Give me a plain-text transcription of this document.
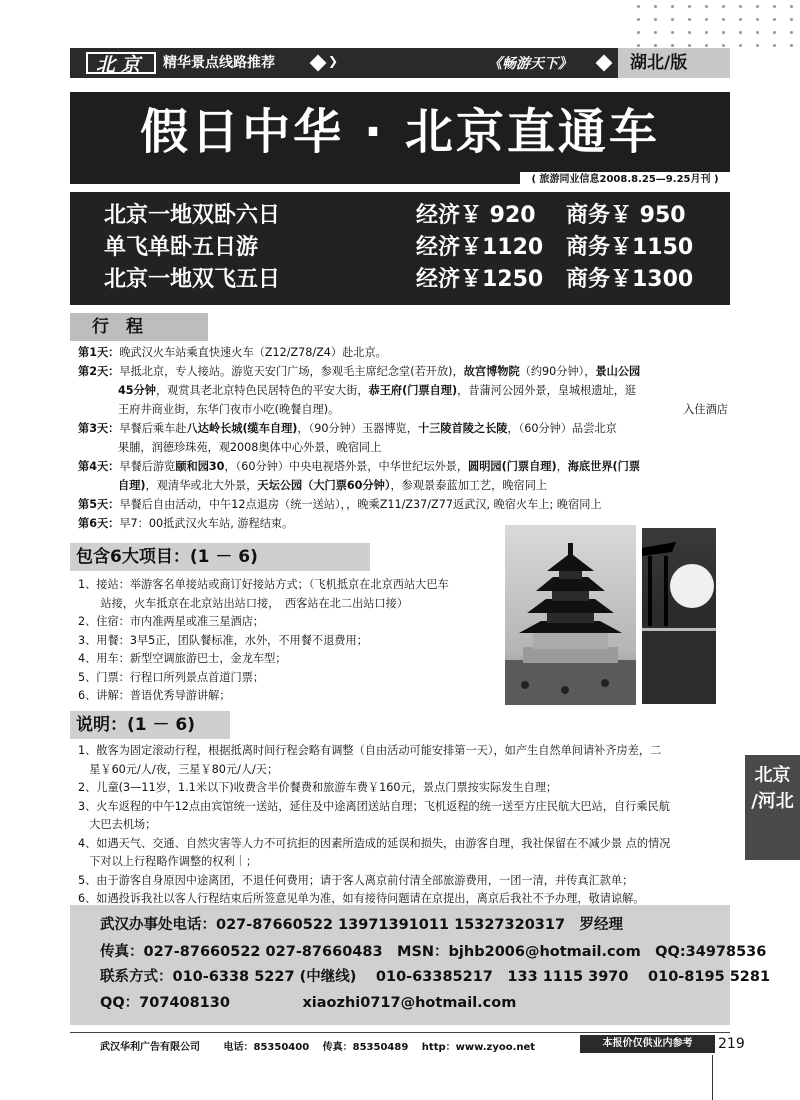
北京	精华景点线路推荐	❯	《畅游天下》	湖北/版
假日中华 · 北京直通车
( 旅游同业信息2008.8.25—9.25月刊 )
北京一地双卧六日	经济￥ 920 商务￥ 950
单飞单卧五日游	经济￥1120 商务￥1150
北京一地双飞五日	经济￥1250 商务￥1300
行　程
第1天：晚武汉火车站乘直快速火车（Z12/Z78/Z4）赴北京。
第2天：早抵北京，专人接站。游览天安门广场，参观毛主席纪念堂(若开放)，故宫博物院（约90分钟），景山公园
45分钟，观赏具老北京特色民居特色的平安大街，恭王府(门票自理)，昔蒲河公园外景，皇城根遗址，逛
王府井商业街，东华门夜市小吃(晚餐自理)。	入住酒店
第3天：早餐后乘车赴八达岭长城(缆车自理)，（90分钟）玉器博览，十三陵首陵之长陵，（60分钟）品尝北京
果脯，润德珍珠苑，观2008奥体中心外景，晚宿同上
第4天：早餐后游览颐和园30，（60分钟）中央电视塔外景，中华世纪坛外景，圆明园(门票自理)，海底世界(门票
自理)，观清华或北大外景，天坛公园（大门票60分钟），参观景泰蓝加工艺，晚宿同上
第5天：早餐后自由活动，中午12点退房（统一送站），，晚乘Z11/Z37/Z77返武汉, 晚宿火车上; 晚宿同上
第6天：早7：00抵武汉火车站, 游程结束。
包含6大项目：(1 － 6)
1、接站：举游客名单接站或商订好接站方式；（飞机抵京在北京西站大巴车
　　站接，火车抵京在北京站出站口接，　西客站在北二出站口接）
2、住宿：市内准两星或准三星酒店；
3、用餐：3早5正，团队餐标准，水外，不用餐不退费用；
4、用车：新型空调旅游巴士，金龙车型；
5、门票：行程口所列景点首道门票；
6、讲解：普语优秀导游讲解；
说明：(1 － 6)
1、散客为固定滚动行程，根据抵离时间行程会略有调整（自由活动可能安排第一天），如产生自然单间请补齐房差，二
　星￥60元/人/夜，三星￥80元/人/天；
2、儿童(3—11岁，1.1米以下)收费含半价餐费和旅游车费￥160元，景点门票按实际发生自理；
3、火车返程的中午12点由宾馆统一送站，延住及中途离团送站自理；飞机返程的统一送至方庄民航大巴站，自行乘民航
　大巴去机场；
4、如遇天气、交通、自然灾害等人力不可抗拒的因素所造成的延误和损失，由游客自理，我社保留在不减少景 点的情况
　下对以上行程略作调整的权利｜；
5、由于游客自身原因中途离团，不退任何费用；请于客人离京前付清全部旅游费用，一团一清，并传真汇款单；
6、如遇投诉我社以客人行程结束后所签意见单为准，如有接待问题请在京提出，离京后我社不予办理，敬请谅解。
北京
/河北
武汉办事处电话：027-87660522 13971391011 15327320317　罗经理
传真：027-87660522 027-87660483　MSN：bjhb2006@hotmail.com　QQ:34978536
联系方式：010-6338 5227 (中继线)　 010-63385217　133 1115 3970　 010-8195 5281
QQ：707408130　　　　　xiaozhi0717@hotmail.com
武汉华利广告有限公司　　 电话：85350400　 传真：85350489　 http：www.zyoo.net	本报价仅供业内参考	219
